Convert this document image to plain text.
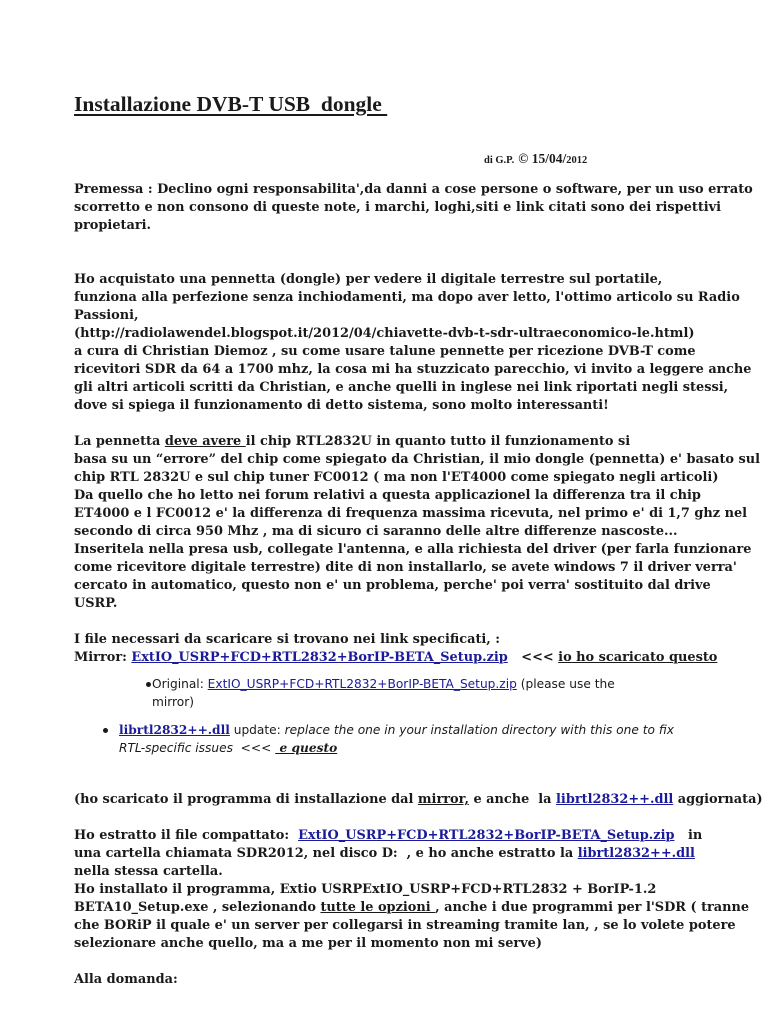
Installazione DVB-T USB  dongle
di G.P. © 15/04/2012

Premessa : Declino ogni responsabilita',da danni a cose persone o software, per un uso errato

scorretto e non consono di queste note, i marchi, loghi,siti e link citati sono dei rispettivi

propietari.

Ho acquistato una pennetta (dongle) per vedere il digitale terrestre sul portatile,

funziona alla perfezione senza inchiodamenti, ma dopo aver letto, l'ottimo articolo su Radio

Passioni,

(http://radiolawendel.blogspot.it/2012/04/chiavette-dvb-t-sdr-ultraeconomico-le.html)

a cura di Christian Diemoz , su come usare talune pennette per ricezione DVB-T come

ricevitori SDR da 64 a 1700 mhz, la cosa mi ha stuzzicato parecchio, vi invito a leggere anche

gli altri articoli scritti da Christian, e anche quelli in inglese nei link riportati negli stessi,

dove si spiega il funzionamento di detto sistema, sono molto interessanti!

La pennetta deve avere il chip RTL2832U in quanto tutto il funzionamento si

basa su un “errore” del chip come spiegato da Christian, il mio dongle (pennetta) e' basato sul

chip RTL 2832U e sul chip tuner FC0012 ( ma non l'ET4000 come spiegato negli articoli)

Da quello che ho letto nei forum relativi a questa applicazionel la differenza tra il chip

ET4000 e l FC0012 e' la differenza di frequenza massima ricevuta, nel primo e' di 1,7 ghz nel

secondo di circa 950 Mhz , ma di sicuro ci saranno delle altre differenze nascoste...

Inseritela nella presa usb, collegate l'antenna, e alla richiesta del driver (per farla funzionare

come ricevitore digitale terrestre) dite di non installarlo, se avete windows 7 il driver verra'

cercato in automatico, questo non e' un problema, perche' poi verra' sostituito dal drive

USRP.

I file necessari da scaricare si trovano nei link specificati, :

Mirror: ExtIO_USRP+FCD+RTL2832+BorIP-BETA_Setup.zip   <<< io ho scaricato questo

Original: ExtIO_USRP+FCD+RTL2832+BorIP-BETA_Setup.zip (please use the
mirror)
librtl2832++.dll update: replace the one in your installation directory with this one to fix
RTL-specific issues  <<<  e questo

(ho scaricato il programma di installazione dal mirror, e anche  la librtl2832++.dll aggiornata)

Ho estratto il file compattato:  ExtIO_USRP+FCD+RTL2832+BorIP-BETA_Setup.zip   in

una cartella chiamata SDR2012, nel disco D:  , e ho anche estratto la librtl2832++.dll

nella stessa cartella.

Ho installato il programma, Extio USRPExtIO_USRP+FCD+RTL2832 + BorIP-1.2

BETA10_Setup.exe , selezionando tutte le opzioni , anche i due programmi per l'SDR ( tranne

che BORiP il quale e' un server per collegarsi in streaming tramite lan, , se lo volete potere

selezionare anche quello, ma a me per il momento non mi serve)

Alla domanda:
